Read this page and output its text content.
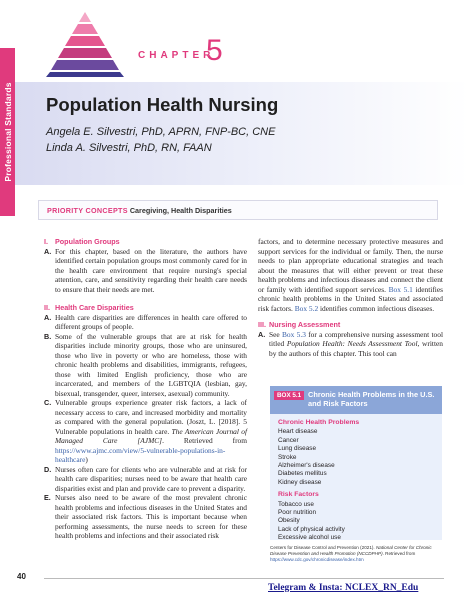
Professional Standards
CHAPTER
5
Population Health Nursing
Angela E. Silvestri, PhD, APRN, FNP-BC, CNE
Linda A. Silvestri, PhD, RN, FAAN
PRIORITY CONCEPTS Caregiving, Health Disparities
I. Population Groups
A. For this chapter, based on the literature, the authors have identified certain population groups most commonly cared for in the health care environment that require nursing's special attention, care, and sensitivity regarding their health care needs to ensure that their needs are met.
II. Health Care Disparities
A. Health care disparities are differences in health care offered to different groups of people.
B. Some of the vulnerable groups that are at risk for health disparities include minority groups, those who are uninsured, those who live in poverty or who are homeless, those with chronic health problems and disabilities, immigrants, refugees, those with limited English proficiency, those who are incarcerated, and members of the LGBTQIA (lesbian, gay, bisexual, transgender, queer, intersex, asexual) community.
C. Vulnerable groups experience greater risk factors, a lack of necessary access to care, and increased morbidity and mortality as compared with the general population. (Joszt, L. [2018]. 5 Vulnerable populations in health care. The American Journal of Managed Care [AJMC]. Retrieved from https://www.ajmc.com/view/5-vulnerable-populations-in-healthcare)
D. Nurses often care for clients who are vulnerable and at risk for health care disparities; nurses need to be aware that health care disparities exist and plan and provide care to prevent a disparity.
E. Nurses also need to be aware of the most prevalent chronic health problems and infectious diseases in the United States and their associated risk factors. This is important because when performing assessments, the nurse needs to screen for these health problems and infections and their associated risk
factors, and to determine necessary protective measures and support services for the individual or family. Then, the nurse needs to plan appropriate educational strategies and teach about the measures that will either prevent or treat these health problems and infectious diseases and connect the client or family with identified support services. Box 5.1 identifies chronic health problems in the United States and associated risk factors. Box 5.2 identifies common infectious diseases.
III. Nursing Assessment
A. See Box 5.3 for a comprehensive nursing assessment tool titled Population Health: Needs Assessment Tool, written by the authors of this chapter. This tool can
BOX 5.1 Chronic Health Problems in the U.S. and Risk Factors
Chronic Health Problems
Heart disease
Cancer
Lung disease
Stroke
Alzheimer's disease
Diabetes mellitus
Kidney disease
Risk Factors
Tobacco use
Poor nutrition
Obesity
Lack of physical activity
Excessive alcohol use
Centers for Disease Control and Prevention (2021). National Center for Chronic Disease Prevention and Health Promotion (NCCDPHP). Retrieved from https://www.cdc.gov/chronicdisease/index.htm
40
Telegram & Insta: NCLEX_RN_Edu
